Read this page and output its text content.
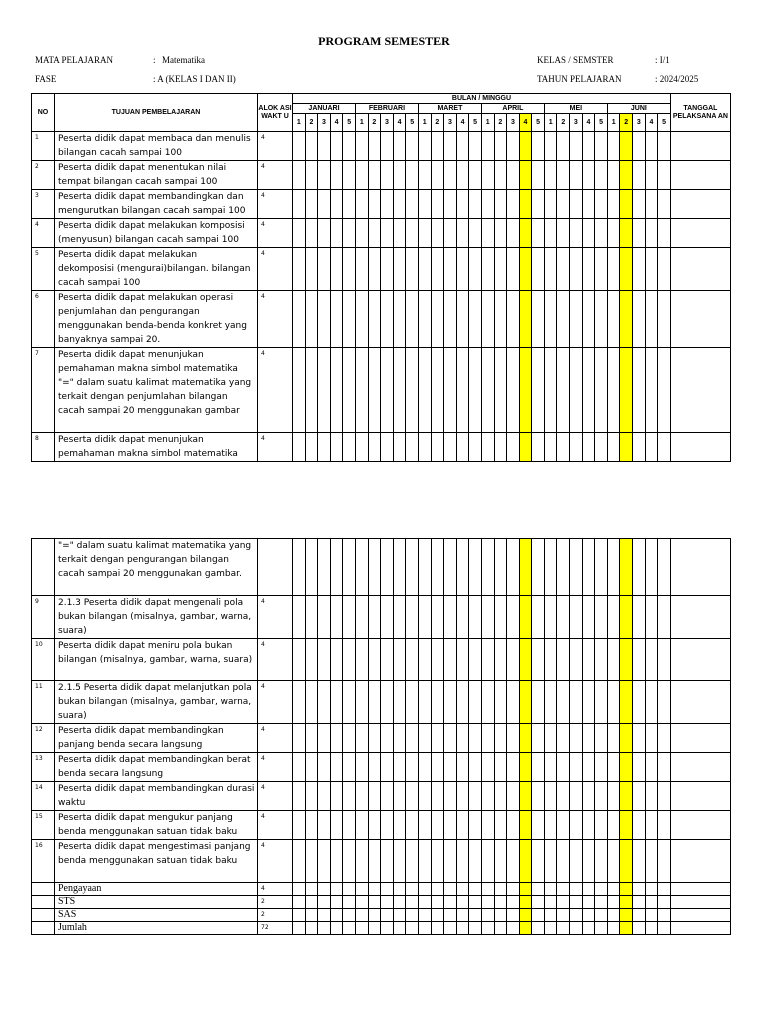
PROGRAM SEMESTER
MATA PELAJARAN	: Matematika
FASE	: A (KELAS I DAN II)
KELAS / SEMSTER	: I/1
TAHUN PELAJARAN	: 2024/2025
NO	TUJUAN PEMBELAJARAN	ALOK ASI WAKT U	BULAN / MINGGU																														TANGGAL PELAKSANA AN
			JANUARI					FEBRUARI					MARET					APRIL					MEI					JUNI					
			1	2	3	4	5	1	2	3	4	5	1	2	3	4	5	1	2	3	4	5	1	2	3	4	5	1	2	3	4	5	
1	Peserta didik dapat membaca dan menulis bilangan cacah sampai 100	4																															
2	Peserta didik dapat menentukan nilai tempat bilangan cacah sampai 100	4																															
3	Peserta didik dapat membandingkan dan mengurutkan bilangan cacah sampai 100	4																															
4	Peserta didik dapat melakukan komposisi (menyusun) bilangan cacah sampai 100	4																															
5	Peserta didik dapat melakukan dekomposisi (mengurai)bilangan. bilangan cacah sampai 100	4																															
6	Peserta didik dapat melakukan operasi penjumlahan dan pengurangan menggunakan benda-benda konkret yang banyaknya sampai 20.	4																															
7	Peserta didik dapat menunjukan pemahaman makna simbol matematika "=" dalam suatu kalimat matematika yang terkait dengan penjumlahan bilangan cacah sampai 20 menggunakan gambar	4																															
8	Peserta didik dapat menunjukan pemahaman makna simbol matematika	4																															
	"=" dalam suatu kalimat matematika yang terkait dengan pengurangan bilangan cacah sampai 20 menggunakan gambar.																																
9	2.1.3 Peserta didik dapat mengenali pola bukan bilangan (misalnya, gambar, warna, suara)	4																															
10	Peserta didik dapat meniru pola bukan bilangan (misalnya, gambar, warna, suara)	4																															
11	2.1.5 Peserta didik dapat melanjutkan pola bukan bilangan (misalnya, gambar, warna, suara)	4																															
12	Peserta didik dapat membandingkan panjang benda secara langsung	4																															
13	Peserta didik dapat membandingkan berat benda secara langsung	4																															
14	Peserta didik dapat membandingkan durasi waktu	4																															
15	Peserta didik dapat mengukur panjang benda menggunakan satuan tidak baku	4																															
16	Peserta didik dapat mengestimasi panjang benda menggunakan satuan tidak baku	4																															
	Pengayaan	4																															
	STS	2																															
	SAS	2																															
	Jumlah	72																															
